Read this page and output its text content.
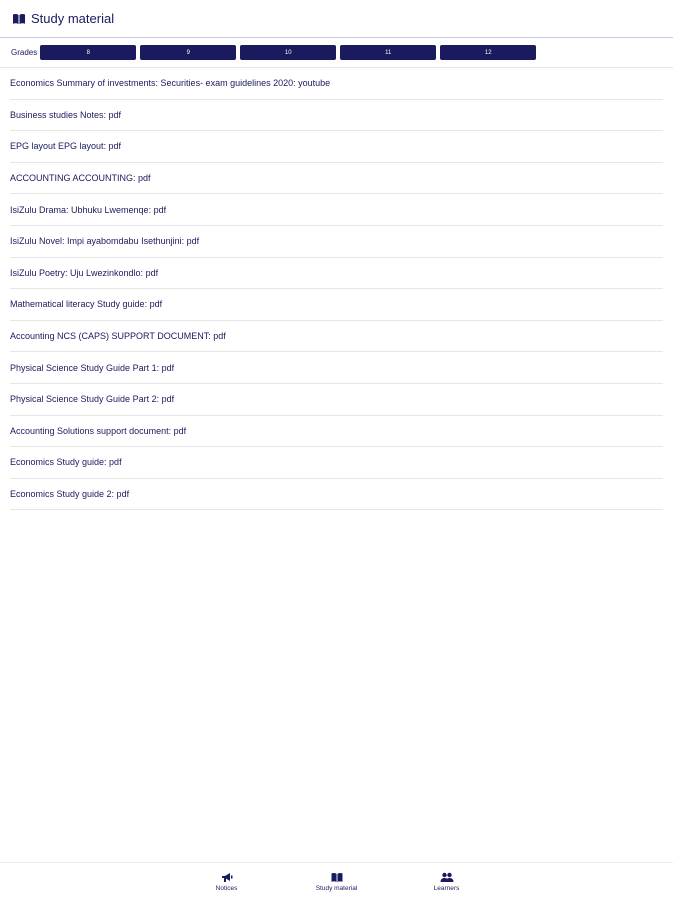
Study material
Grades	8	9	10	11	12
Economics Summary of investments: Securities- exam guidelines 2020: youtube
Business studies Notes: pdf
EPG layout EPG layout: pdf
ACCOUNTING ACCOUNTING: pdf
IsiZulu Drama: Ubhuku Lwemenqe: pdf
IsiZulu Novel: Impi ayabomdabu Isethunjini: pdf
IsiZulu Poetry: Uju Lwezinkondlo: pdf
Mathematical literacy Study guide: pdf
Accounting NCS (CAPS) SUPPORT DOCUMENT: pdf
Physical Science Study Guide Part 1: pdf
Physical Science Study Guide Part 2: pdf
Accounting Solutions support document: pdf
Economics Study guide: pdf
Economics Study guide 2: pdf
Notices	Study material	Learners
